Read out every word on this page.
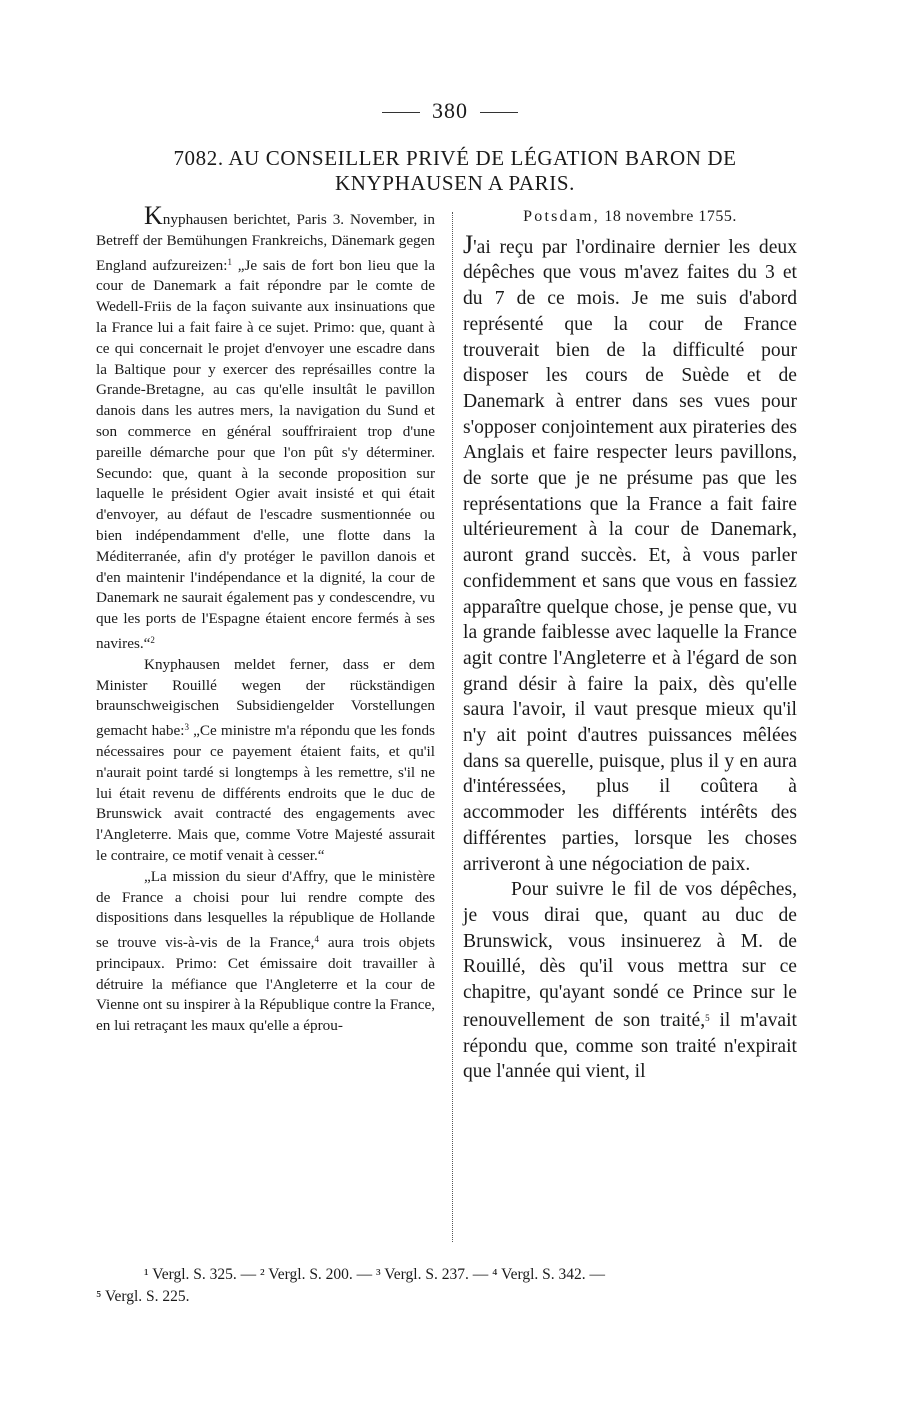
380
7082. AU CONSEILLER PRIVÉ DE LÉGATION BARON DE
KNYPHAUSEN A PARIS.

Knyphausen berichtet, Paris 3. November, in Betreff der Bemühungen Frankreichs, Dänemark gegen England aufzureizen:$^1$ „Je sais de fort bon lieu que la cour de Danemark a fait répondre par le comte de Wedell-Friis de la façon suivante aux insinuations que la France lui a fait faire à ce sujet. Primo: que, quant à ce qui concernait le projet d'envoyer une escadre dans la Baltique pour y exercer des représailles contre la Grande-Bretagne, au cas qu'elle insultât le pavillon danois dans les autres mers, la navigation du Sund et son commerce en général souffriraient trop d'une pareille démarche pour que l'on pût s'y déterminer. Secundo: que, quant à la seconde proposition sur laquelle le président Ogier avait insisté et qui était d'envoyer, au défaut de l'escadre susmentionnée ou bien indépendamment d'elle, une flotte dans la Méditerranée, afin d'y protéger le pavillon danois et d'en maintenir l'indépendance et la dignité, la cour de Danemark ne saurait également pas y condescendre, vu que les ports de l'Espagne étaient encore fermés à ses navires.“$^2$

Knyphausen meldet ferner, dass er dem Minister Rouillé wegen der rückständigen braunschweigischen Subsidiengelder Vorstellungen gemacht habe:$^3$ „Ce ministre m'a répondu que les fonds nécessaires pour ce payement étaient faits, et qu'il n'aurait point tardé si longtemps à les remettre, s'il ne lui était revenu de différents endroits que le duc de Brunswick avait contracté des engagements avec l'Angleterre. Mais que, comme Votre Majesté assurait le contraire, ce motif venait à cesser.“

„La mission du sieur d'Affry, que le ministère de France a choisi pour lui rendre compte des dispositions dans lesquelles la république de Hollande se trouve vis-à-vis de la France,$^4$ aura trois objets principaux. Primo: Cet émissaire doit travailler à détruire la méfiance que l'Angleterre et la cour de Vienne ont su inspirer à la République contre la France, en lui retraçant les maux qu'elle a éprou-

Potsdam, 18 novembre 1755.

J'ai reçu par l'ordinaire dernier les deux dépêches que vous m'avez faites du 3 et du 7 de ce mois. Je me suis d'abord représenté que la cour de France trouverait bien de la difficulté pour disposer les cours de Suède et de Danemark à entrer dans ses vues pour s'opposer conjointement aux pirateries des Anglais et faire respecter leurs pavillons, de sorte que je ne présume pas que les représentations que la France a fait faire ultérieurement à la cour de Danemark, auront grand succès. Et, à vous parler confidemment et sans que vous en fassiez apparaître quelque chose, je pense que, vu la grande faiblesse avec laquelle la France agit contre l'Angleterre et à l'égard de son grand désir à faire la paix, dès qu'elle saura l'avoir, il vaut presque mieux qu'il n'y ait point d'autres puissances mêlées dans sa querelle, puisque, plus il y en aura d'intéressées, plus il coûtera à accommoder les différents intérêts des différentes parties, lorsque les choses arriveront à une négociation de paix.

Pour suivre le fil de vos dépêches, je vous dirai que, quant au duc de Brunswick, vous insinuerez à M. de Rouillé, dès qu'il vous mettra sur ce chapitre, qu'ayant sondé ce Prince sur le renouvellement de son traité,$^5$ il m'avait répondu que, comme son traité n'expirait que l'année qui vient, il

¹ Vergl. S. 325. — ² Vergl. S. 200. — ³ Vergl. S. 237. — ⁴ Vergl. S. 342. —
⁵ Vergl. S. 225.
